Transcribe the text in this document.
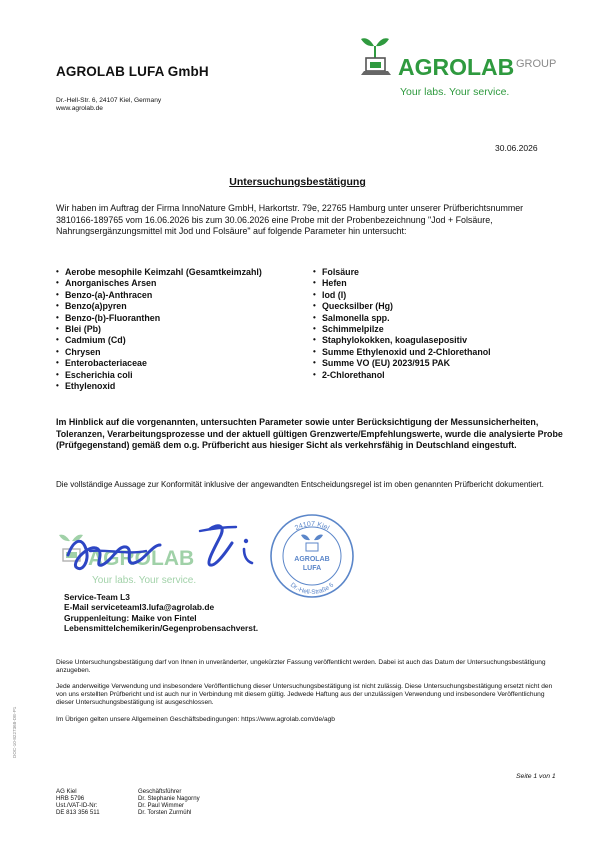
AGROLAB LUFA GmbH
Dr.-Hell-Str. 6, 24107 Kiel, Germany
www.agrolab.de
AGROLAB GROUP
Your labs. Your service.
30.06.2026
Untersuchungsbestätigung
Wir haben im Auftrag der Firma InnoNature GmbH, Harkortstr. 79e, 22765 Hamburg unter unserer Prüfberichtsnummer 3810166-189765 vom 16.06.2026 bis zum 30.06.2026 eine Probe mit der Probenbezeichnung "Jod + Folsäure, Nahrungsergänzungsmittel mit Jod und Folsäure" auf folgende Parameter hin untersucht:
• Aerobe mesophile Keimzahl (Gesamtkeimzahl)
• Anorganisches Arsen
• Benzo-(a)-Anthracen
• Benzo(a)pyren
• Benzo-(b)-Fluoranthen
• Blei (Pb)
• Cadmium (Cd)
• Chrysen
• Enterobacteriaceae
• Escherichia coli
• Ethylenoxid
• Folsäure
• Hefen
• Iod (I)
• Quecksilber (Hg)
• Salmonella spp.
• Schimmelpilze
• Staphylokokken, koagulasepositiv
• Summe Ethylenoxid und 2-Chlorethanol
• Summe VO (EU) 2023/915 PAK
• 2-Chlorethanol
Im Hinblick auf die vorgenannten, untersuchten Parameter sowie unter Berücksichtigung der Messunsicherheiten, Toleranzen, Verarbeitungsprozesse und der aktuell gültigen Grenzwerte/Empfehlungswerte, wurde die analysierte Probe (Prüfgegenstand) gemäß dem o.g. Prüfbericht aus hiesiger Sicht als verkehrsfähig in Deutschland eingestuft.
Die vollständige Aussage zur Konformität inklusive der angewandten Entscheidungsregel ist im oben genannten Prüfbericht dokumentiert.
AGROLAB
Your labs. Your service.
24107 Kiel
Dr.-Hell-Straße 6
AGROLAB
LUFA
Service-Team L3
E-Mail serviceteaml3.lufa@agrolab.de
Gruppenleitung: Maike von Fintel
Lebensmittelchemikerin/Gegenprobensachverst.
Diese Untersuchungsbestätigung darf von Ihnen in unveränderter, ungekürzter Fassung veröffentlicht werden. Dabei ist auch das Datum der Untersuchungsbestätigung anzugeben.
Jede anderweitige Verwendung und insbesondere Veröffentlichung dieser Untersuchungsbestätigung ist nicht zulässig. Diese Untersuchungsbestätigung ersetzt nicht den von uns erstellten Prüfbericht und ist auch nur in Verbindung mit diesem gültig. Jedwede Haftung aus der unzulässigen Verwendung und insbesondere Veröffentlichung dieser Untersuchungsbestätigung ist ausgeschlossen.
Im Übrigen gelten unsere Allgemeinen Geschäftsbedingungen: https://www.agrolab.com/de/agb
DOC-10-8227368-DE-P1
Seite 1 von 1
AG Kiel
HRB 5796
Ust./VAT-ID-Nr:
DE 813 356 511
Geschäftsführer
Dr. Stephanie Nagorny
Dr. Paul Wimmer
Dr. Torsten Zurmühl
